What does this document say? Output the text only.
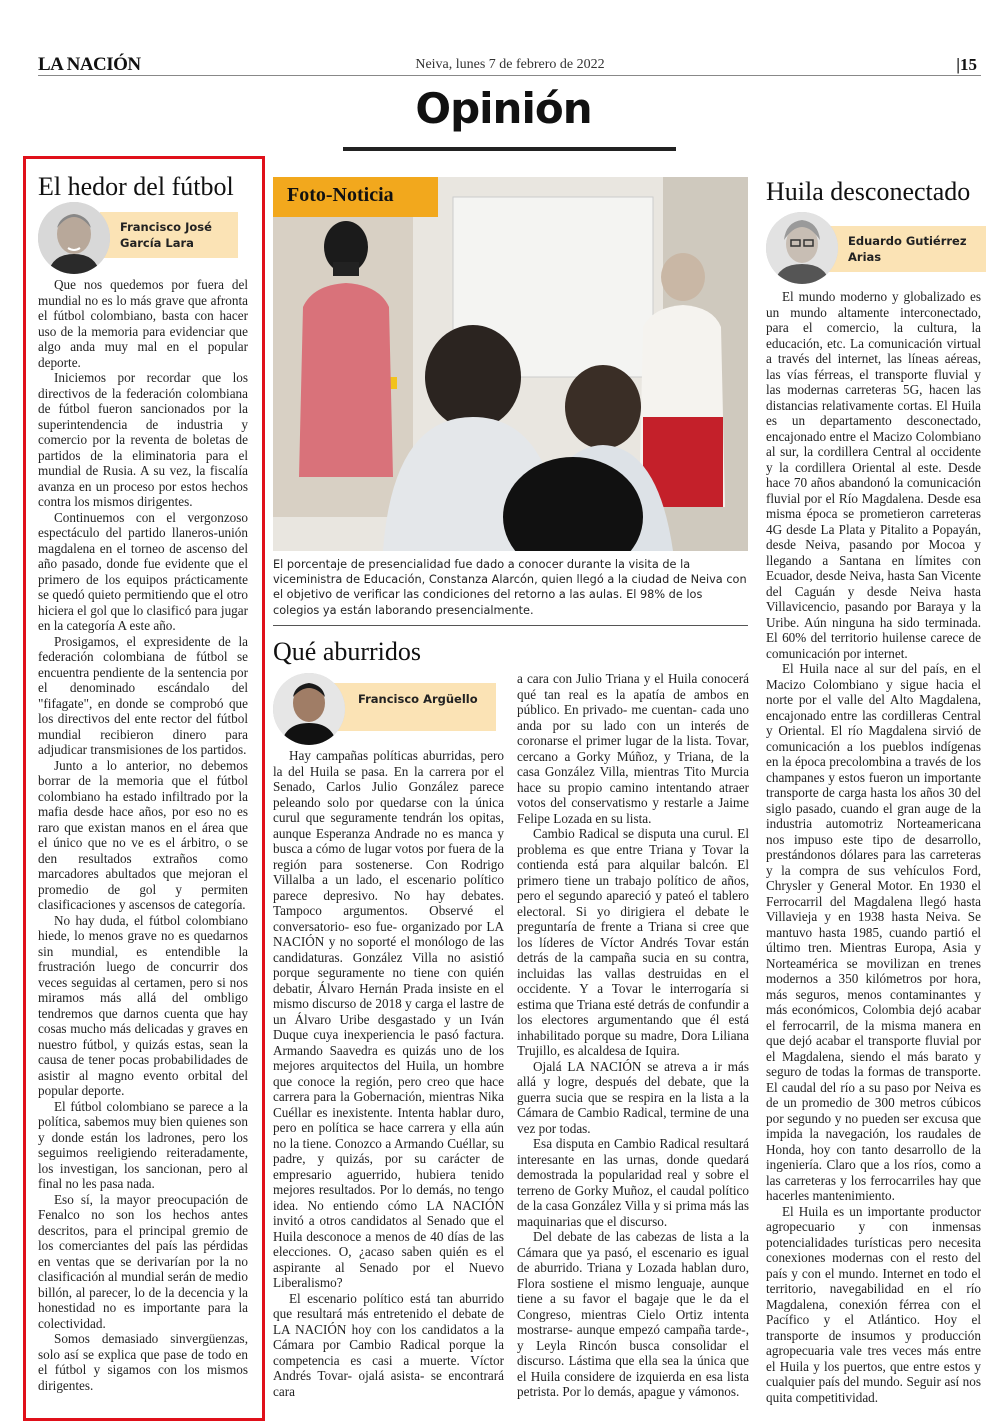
LA NACIÓN	Neiva, lunes 7 de febrero de 2022	|15
Opinión
El hedor del fútbol
Francisco José García Lara

Que nos quedemos por fuera del mundial no es lo más grave que afronta el fútbol colombiano, basta con hacer uso de la memoria para evidenciar que algo anda muy mal en el popular deporte.

Iniciemos por recordar que los directivos de la federación colombiana de fútbol fueron sancionados por la superintendencia de industria y comercio por la reventa de boletas de partidos de la eliminatoria para el mundial de Rusia. A su vez, la fiscalía avanza en un proceso por estos hechos contra los mismos dirigentes.

Continuemos con el vergonzoso espectáculo del partido llaneros-unión magdalena en el torneo de ascenso del año pasado, donde fue evidente que el primero de los equipos prácticamente se quedó quieto permitiendo que el otro hiciera el gol que lo clasificó para jugar en la categoría A este año.

Prosigamos, el expresidente de la federación colombiana de fútbol se encuentra pendiente de la sentencia por el denominado escándalo del "fifagate", en donde se comprobó que los directivos del ente rector del fútbol mundial recibieron dinero para adjudicar transmisiones de los partidos.

Junto a lo anterior, no debemos borrar de la memoria que el fútbol colombiano ha estado infiltrado por la mafia desde hace años, por eso no es raro que existan manos en el área que el único que no ve es el árbitro, o se den resultados extraños como marcadores abultados que mejoran el promedio de gol y permiten clasificaciones y ascensos de categoría.

No hay duda, el fútbol colombiano hiede, lo menos grave no es quedarnos sin mundial, es entendible la frustración luego de concurrir dos veces seguidas al certamen, pero si nos miramos más allá del ombligo tendremos que darnos cuenta que hay cosas mucho más delicadas y graves en nuestro fútbol, y quizás estas, sean la causa de tener pocas probabilidades de asistir al magno evento orbital del popular deporte.

El fútbol colombiano se parece a la política, sabemos muy bien quienes son y donde están los ladrones, pero los seguimos reeligiendo reiteradamente, los investigan, los sancionan, pero al final no les pasa nada.

Eso sí, la mayor preocupación de Fenalco no son los hechos antes descritos, para el principal gremio de los comerciantes del país las pérdidas en ventas que se derivarían por la no clasificación al mundial serán de medio billón, al parecer, lo de la decencia y la honestidad no es importante para la colectividad.

Somos demasiado sinvergüenzas, solo así se explica que pase de todo en el fútbol y sigamos con los mismos dirigentes.

Foto-Noticia
El porcentaje de presencialidad fue dado a conocer durante la visita de la viceministra de Educación, Constanza Alarcón, quien llegó a la ciudad de Neiva con el objetivo de verificar las condiciones del retorno a las aulas. El 98% de los colegios ya están laborando presencialmente.
Qué aburridos
Francisco Argüello

Hay campañas políticas aburridas, pero la del Huila se pasa. En la carrera por el Senado, Carlos Julio González parece peleando solo por quedarse con la única curul que seguramente tendrán los opitas, aunque Esperanza Andrade no es manca y busca a cómo de lugar votos por fuera de la región para sostenerse. Con Rodrigo Villalba a un lado, el escenario político parece depresivo. No hay debates. Tampoco argumentos. Observé el conversatorio- eso fue- organizado por LA NACIÓN y no soporté el monólogo de las candidaturas. González Villa no asistió porque seguramente no tiene con quién debatir, Álvaro Hernán Prada insiste en el mismo discurso de 2018 y carga el lastre de un Álvaro Uribe desgastado y un Iván Duque cuya inexperiencia le pasó factura. Armando Saavedra es quizás uno de los mejores arquitectos del Huila, un hombre que conoce la región, pero creo que hace carrera para la Gobernación, mientras Nika Cuéllar es inexistente. Intenta hablar duro, pero en política se hace carrera y ella aún no la tiene. Conozco a Armando Cuéllar, su padre, y quizás, por su carácter de empresario aguerrido, hubiera tenido mejores resultados. Por lo demás, no tengo idea. No entiendo cómo LA NACIÓN invitó a otros candidatos al Senado que el Huila desconoce a menos de 40 días de las elecciones. O, ¿acaso saben quién es el aspirante al Senado por el Nuevo Liberalismo?

El escenario político está tan aburrido que resultará más entretenido el debate de LA NACIÓN hoy con los candidatos a la Cámara por Cambio Radical porque la competencia es casi a muerte. Víctor Andrés Tovar- ojalá asista- se encontrará cara

a cara con Julio Triana y el Huila conocerá qué tan real es la apatía de ambos en público. En privado- me cuentan- cada uno anda por su lado con un interés de coronarse el primer lugar de la lista. Tovar, cercano a Gorky Múñoz, y Triana, de la casa González Villa, mientras Tito Murcia hace su propio camino intentando atraer votos del conservatismo y restarle a Jaime Felipe Lozada en su lista.

Cambio Radical se disputa una curul. El problema es que entre Triana y Tovar la contienda está para alquilar balcón. El primero tiene un trabajo político de años, pero el segundo apareció y pateó el tablero electoral. Si yo dirigiera el debate le preguntaría de frente a Triana si cree que los líderes de Víctor Andrés Tovar están detrás de la campaña sucia en su contra, incluidas las vallas destruidas en el occidente. Y a Tovar le interrogaría si estima que Triana esté detrás de confundir a los electores argumentando que él está inhabilitado porque su madre, Dora Liliana Trujillo, es alcaldesa de Iquira.

Ojalá LA NACIÓN se atreva a ir más allá y logre, después del debate, que la guerra sucia que se respira en la lista a la Cámara de Cambio Radical, termine de una vez por todas.

Esa disputa en Cambio Radical resultará interesante en las urnas, donde quedará demostrada la popularidad real y sobre el terreno de Gorky Muñoz, el caudal político de la casa González Villa y si prima más las maquinarias que el discurso.

Del debate de las cabezas de lista a la Cámara que ya pasó, el escenario es igual de aburrido. Triana y Lozada hablan duro, Flora sostiene el mismo lenguaje, aunque tiene a su favor el bagaje que le da el Congreso, mientras Cielo Ortiz intenta mostrarse- aunque empezó campaña tarde-, y Leyla Rincón busca consolidar el discurso. Lástima que ella sea la única que el Huila considere de izquierda en esa lista petrista. Por lo demás, apague y vámonos.

Huila desconectado
Eduardo Gutiérrez Arias

El mundo moderno y globalizado es un mundo altamente interconectado, para el comercio, la cultura, la educación, etc. La comunicación virtual a través del internet, las líneas aéreas, las vías férreas, el transporte fluvial y las modernas carreteras 5G, hacen las distancias relativamente cortas. El Huila es un departamento desconectado, encajonado entre el Macizo Colombiano al sur, la cordillera Central al occidente y la cordillera Oriental al este. Desde hace 70 años abandonó la comunicación fluvial por el Río Magdalena. Desde esa misma época se prometieron carreteras 4G desde La Plata y Pitalito a Popayán, desde Neiva, pasando por Mocoa y llegando a Santana en límites con Ecuador, desde Neiva, hasta San Vicente del Caguán y desde Neiva hasta Villavicencio, pasando por Baraya y la Uribe. Aún ninguna ha sido terminada. El 60% del territorio huilense carece de comunicación por internet.

El Huila nace al sur del país, en el Macizo Colombiano y sigue hacia el norte por el valle del Alto Magdalena, encajonado entre las cordilleras Central y Oriental. El río Magdalena sirvió de comunicación a los pueblos indígenas en la época precolombina a través de los champanes y estos fueron un importante transporte de carga hasta los años 30 del siglo pasado, cuando el gran auge de la industria automotriz Norteamericana nos impuso este tipo de desarrollo, prestándonos dólares para las carreteras y la compra de sus vehículos Ford, Chrysler y General Motor. En 1930 el Ferrocarril del Magdalena llegó hasta Villavieja y en 1938 hasta Neiva. Se mantuvo hasta 1985, cuando partió el último tren. Mientras Europa, Asia y Norteamérica se movilizan en trenes modernos a 350 kilómetros por hora, más seguros, menos contaminantes y más económicos, Colombia dejó acabar el ferrocarril, de la misma manera en que dejó acabar el transporte fluvial por el Magdalena, siendo el más barato y seguro de todas la formas de transporte. El caudal del río a su paso por Neiva es de un promedio de 300 metros cúbicos por segundo y no pueden ser excusa que impida la navegación, los raudales de Honda, hoy con tanto desarrollo de la ingeniería. Claro que a los ríos, como a las carreteras y los ferrocarriles hay que hacerles mantenimiento.

El Huila es un importante productor agropecuario y con inmensas potencialidades turísticas pero necesita conexiones modernas con el resto del país y con el mundo. Internet en todo el territorio, navegabilidad en el río Magdalena, conexión férrea con el Pacífico y el Atlántico. Hoy el transporte de insumos y producción agropecuaria vale tres veces más entre el Huila y los puertos, que entre estos y cualquier país del mundo. Seguir así nos quita competitividad.
